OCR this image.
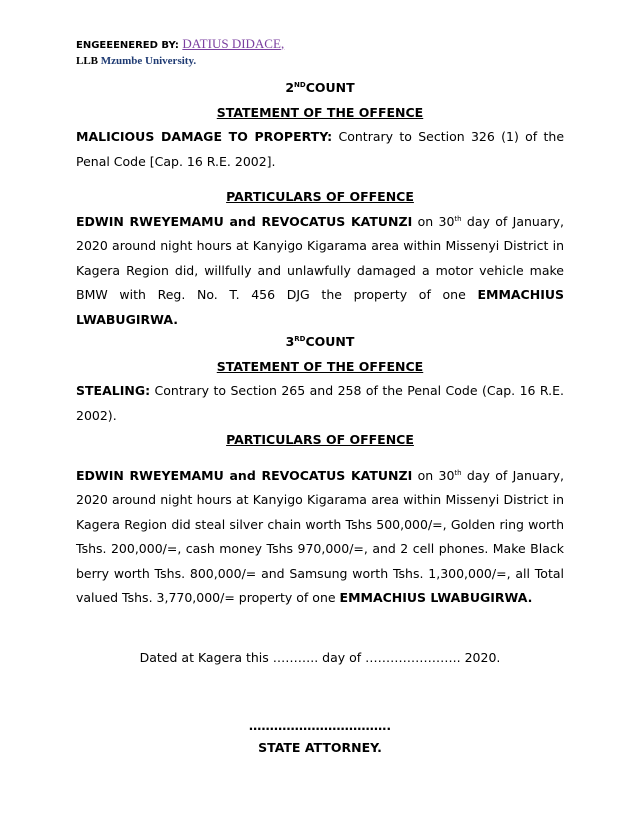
ENGEEENERED BY: DATIUS DIDACE,
LLB Mzumbe University.
2NDCOUNT
STATEMENT OF THE OFFENCE
MALICIOUS DAMAGE TO PROPERTY: Contrary to Section 326 (1) of the Penal Code [Cap. 16 R.E. 2002].
PARTICULARS OF OFFENCE
EDWIN RWEYEMAMU and REVOCATUS KATUNZI on 30th day of January, 2020 around night hours at Kanyigo Kigarama area within Missenyi District in Kagera Region did, willfully and unlawfully damaged a motor vehicle make BMW with Reg. No. T. 456 DJG the property of one EMMACHIUS LWABUGIRWA.
3RDCOUNT
STATEMENT OF THE OFFENCE
STEALING: Contrary to Section 265 and 258 of the Penal Code (Cap. 16 R.E. 2002).
PARTICULARS OF OFFENCE
EDWIN RWEYEMAMU and REVOCATUS KATUNZI on 30th day of January, 2020 around night hours at Kanyigo Kigarama area within Missenyi District in Kagera Region did steal silver chain worth Tshs 500,000/=, Golden ring worth Tshs. 200,000/=, cash money Tshs 970,000/=, and 2 cell phones. Make Black berry worth Tshs. 800,000/= and Samsung worth Tshs. 1,300,000/=, all Total valued Tshs. 3,770,000/= property of one EMMACHIUS LWABUGIRWA.
Dated at Kagera this ……….. day of ………………….. 2020.
…………………………….
STATE ATTORNEY.
